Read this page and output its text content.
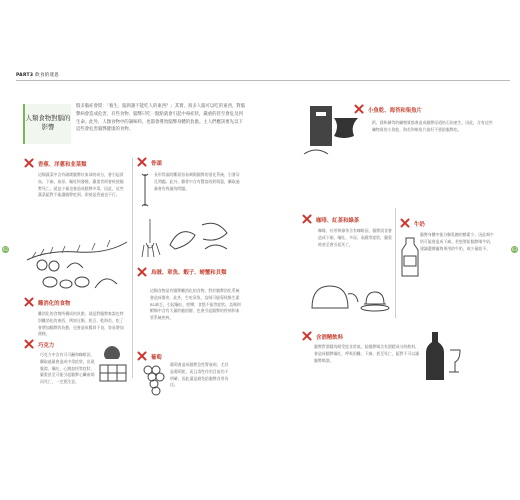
PART3 飲食的迷思
人類食物對腦的影響
假多腦症會問：「養生、腦與謝不能吃人的東西？」其實，很多人腦可以吃的東西，對腦弊病會造成危害，有些食物，腦弊只吃一點點就會引起中毒症狀，嚴重的甚至會危及到生命。此外，人類食物中的調味料、也都會導致腦弊身體的負擔。主人們應該要先以下這些會危害腦弊健康的食物。
62	63
香蕉、洋蔥和韭菜類
這類蔬菜中含有破壞腦弊紅血球的成分，會引起貧血、下痢、血尿、嘔吐和發燒，嚴重者則會致使腦弊死亡。就是少量也會造成腦弊中毒，因此，這些蔬菜絕對不能讓腦弊吃到，即使是煮過也不行。
骨頭
長形骨頭的斷面容易刺傷腦弊的消化系統，引發穿孔問題。此外，雞骨中含有豐富的鈣與氯，攝取過量會有致量的問題。
難消化的食物
難消化的食物所構成的負擔，就是對腦弊來說也特別難消化的東西，例如豆類、乾豆、乾海苔、吃了會增加腦弊的負擔，也會造成腸胃不良，容易增加便秘。
烏賊、章魚、蝦子、螃蟹和貝類
這類食物是有腦弊難消化的食物，對於腦弊消化系統會造成傷害。此外，生吃章魚、烏賊可能導致維生素B1缺乏，引起嘔吐、痙攣、食慾不振等症狀。烏賊和蝦類中含有大量的膽固醇，也會引起腦弊的疾病和血管系統疾病。
巧克力
巧克力中含有可可鹼和咖啡因，攝取過量會造成中毒症狀，出現腹瀉、嘔吐、心跳加快等症狀，嚴重甚至可能引起腦弊心臟衰竭而死亡，一定要注意。
葡萄
葡萄會造成腦弊急性腎衰竭，尤其是葡萄乾，而且毒性作用目前仍不明確，因此還是避免給腦弊食用為佳。
小魚乾、海苔和柴魚片
鈣、鎂和磷等的礦物質都會造成腦弊尿道結石的產生。因此，含有這些礦物質的小魚乾、海苔和柴魚片最好不要給腦弊吃。
咖啡、紅茶和綠茶
咖啡、紅茶和綠茶含有咖啡因，腦弊誤食會造成下痢、嘔吐、多尿、高燒等症狀，嚴重時甚至會引起死亡。
牛奶
腦弊身體中能分解乳糖的酵素少，因此喝牛奶可能會造成下痢。若想要給腦弊喝牛奶，建議選擇寵物專用的牛奶，或少量給予。
含酒精飲料
腦弊對酒精的耐受度非常低，給腦弊喝含有酒精成分的飲料，會造成腦弊嘔吐、呼吸困難、下痢、甚至死亡，絕對不可以讓腦弊喝酒。
